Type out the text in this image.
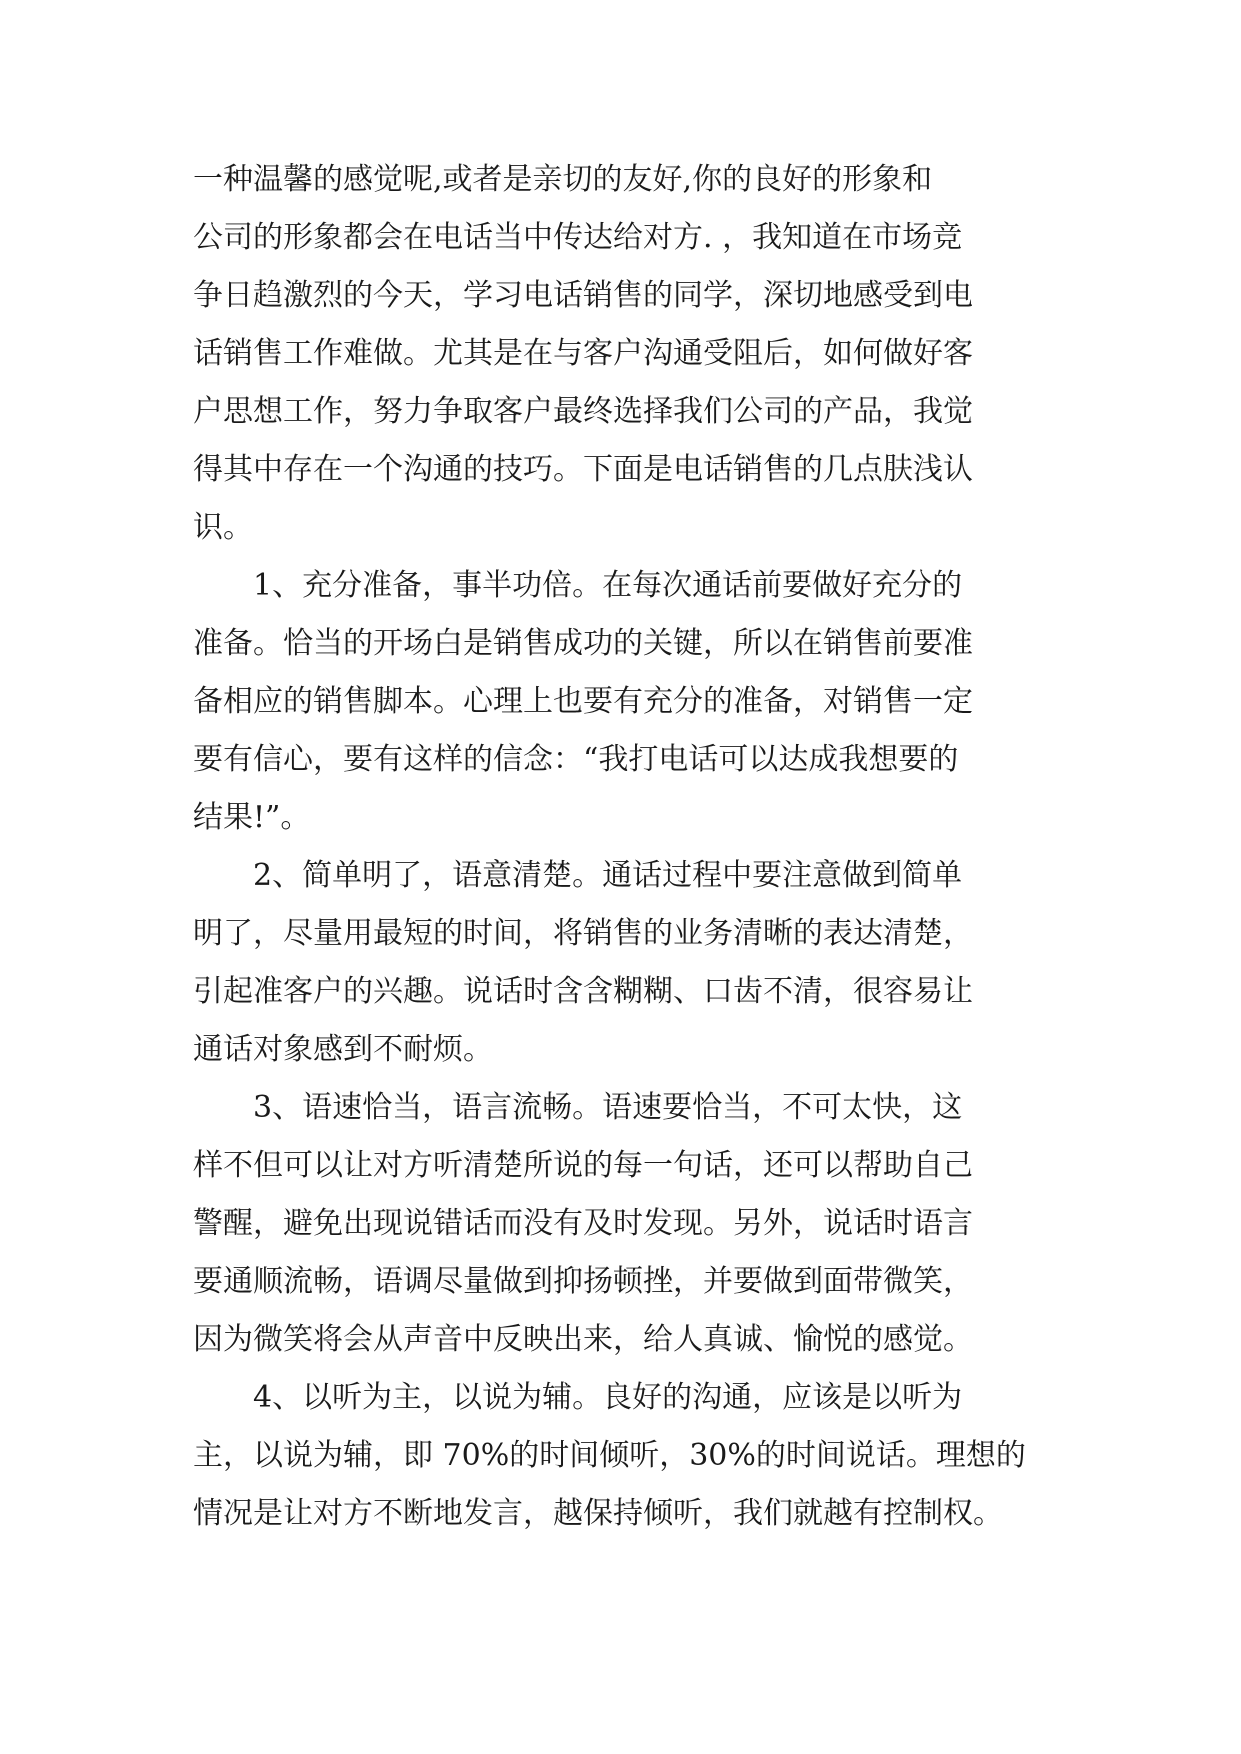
一种温馨的感觉呢,或者是亲切的友好,你的良好的形象和
公司的形象都会在电话当中传达给对方. ，我知道在市场竞
争日趋激烈的今天，学习电话销售的同学，深切地感受到电
话销售工作难做。尤其是在与客户沟通受阻后，如何做好客
户思想工作，努力争取客户最终选择我们公司的产品，我觉
得其中存在一个沟通的技巧。下面是电话销售的几点肤浅认
识。
1、充分准备，事半功倍。在每次通话前要做好充分的
准备。恰当的开场白是销售成功的关键，所以在销售前要准
备相应的销售脚本。心理上也要有充分的准备，对销售一定
要有信心，要有这样的信念：“我打电话可以达成我想要的
结果!”。
2、简单明了，语意清楚。通话过程中要注意做到简单
明了，尽量用最短的时间，将销售的业务清晰的表达清楚，
引起准客户的兴趣。说话时含含糊糊、口齿不清，很容易让
通话对象感到不耐烦。
3、语速恰当，语言流畅。语速要恰当，不可太快，这
样不但可以让对方听清楚所说的每一句话，还可以帮助自己
警醒，避免出现说错话而没有及时发现。另外，说话时语言
要通顺流畅，语调尽量做到抑扬顿挫，并要做到面带微笑，
因为微笑将会从声音中反映出来，给人真诚、愉悦的感觉。
4、以听为主，以说为辅。良好的沟通，应该是以听为
主，以说为辅，即 70%的时间倾听，30%的时间说话。理想的
情况是让对方不断地发言，越保持倾听，我们就越有控制权。
